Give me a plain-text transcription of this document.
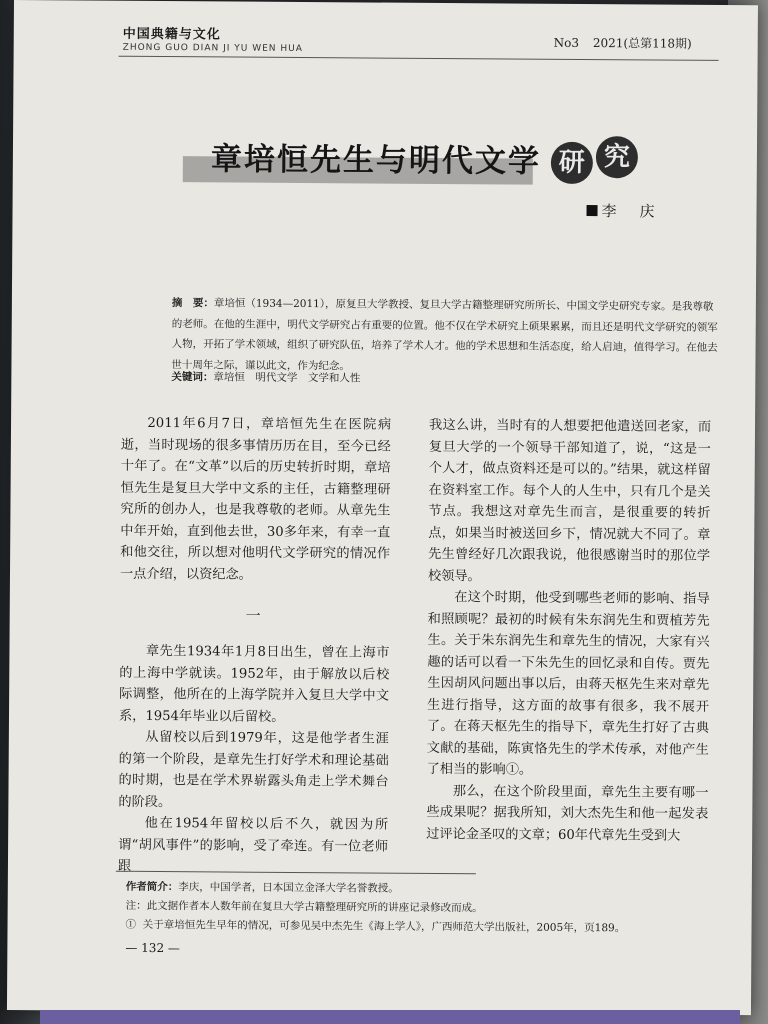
中国典籍与文化
ZHONG GUO DIAN JI YU WEN HUA	No3 2021(总第118期)
章培恒先生与明代文学 研 究
李　庆
摘　要：章培恒（1934—2011），原复旦大学教授、复旦大学古籍整理研究所所长、中国文学史研究专家。是我尊敬的老师。在他的生涯中，明代文学研究占有重要的位置。他不仅在学术研究上硕果累累，而且还是明代文学研究的领军人物，开拓了学术领域，组织了研究队伍，培养了学术人才。他的学术思想和生活态度，给人启迪，值得学习。在他去世十周年之际，谨以此文，作为纪念。
关键词：章培恒　明代文学　文学和人性

2011年6月7日，章培恒先生在医院病逝，当时现场的很多事情历历在目，至今已经十年了。在“文革”以后的历史转折时期，章培恒先生是复旦大学中文系的主任，古籍整理研究所的创办人，也是我尊敬的老师。从章先生中年开始，直到他去世，30多年来，有幸一直和他交往，所以想对他明代文学研究的情况作一点介绍，以资纪念。

章先生1934年1月8日出生，曾在上海市的上海中学就读。1952年，由于解放以后校际调整，他所在的上海学院并入复旦大学中文系，1954年毕业以后留校。

从留校以后到1979年，这是他学者生涯的第一个阶段，是章先生打好学术和理论基础的时期，也是在学术界崭露头角走上学术舞台的阶段。

他在1954年留校以后不久，就因为所谓“胡风事件”的影响，受了牵连。有一位老师跟

一

我这么讲，当时有的人想要把他遣送回老家，而复旦大学的一个领导干部知道了，说，“这是一个人才，做点资料还是可以的。”结果，就这样留在资料室工作。每个人的人生中，只有几个是关节点。我想这对章先生而言，是很重要的转折点，如果当时被送回乡下，情况就大不同了。章先生曾经好几次跟我说，他很感谢当时的那位学校领导。

在这个时期，他受到哪些老师的影响、指导和照顾呢？最初的时候有朱东润先生和贾植芳先生。关于朱东润先生和章先生的情况，大家有兴趣的话可以看一下朱先生的回忆录和自传。贾先生因胡风问题出事以后，由蒋天枢先生来对章先生进行指导，这方面的故事有很多，我不展开了。在蒋天枢先生的指导下，章先生打好了古典文献的基础，陈寅恪先生的学术传承，对他产生了相当的影响①。

那么，在这个阶段里面，章先生主要有哪一些成果呢？据我所知，刘大杰先生和他一起发表过评论金圣叹的文章；60年代章先生受到大

作者简介：李庆，中国学者，日本国立金泽大学名誉教授。
注：此文据作者本人数年前在复旦大学古籍整理研究所的讲座记录修改而成。
① 关于章培恒先生早年的情况，可参见吴中杰先生《海上学人》，广西师范大学出版社，2005年，页189。
— 132 —
